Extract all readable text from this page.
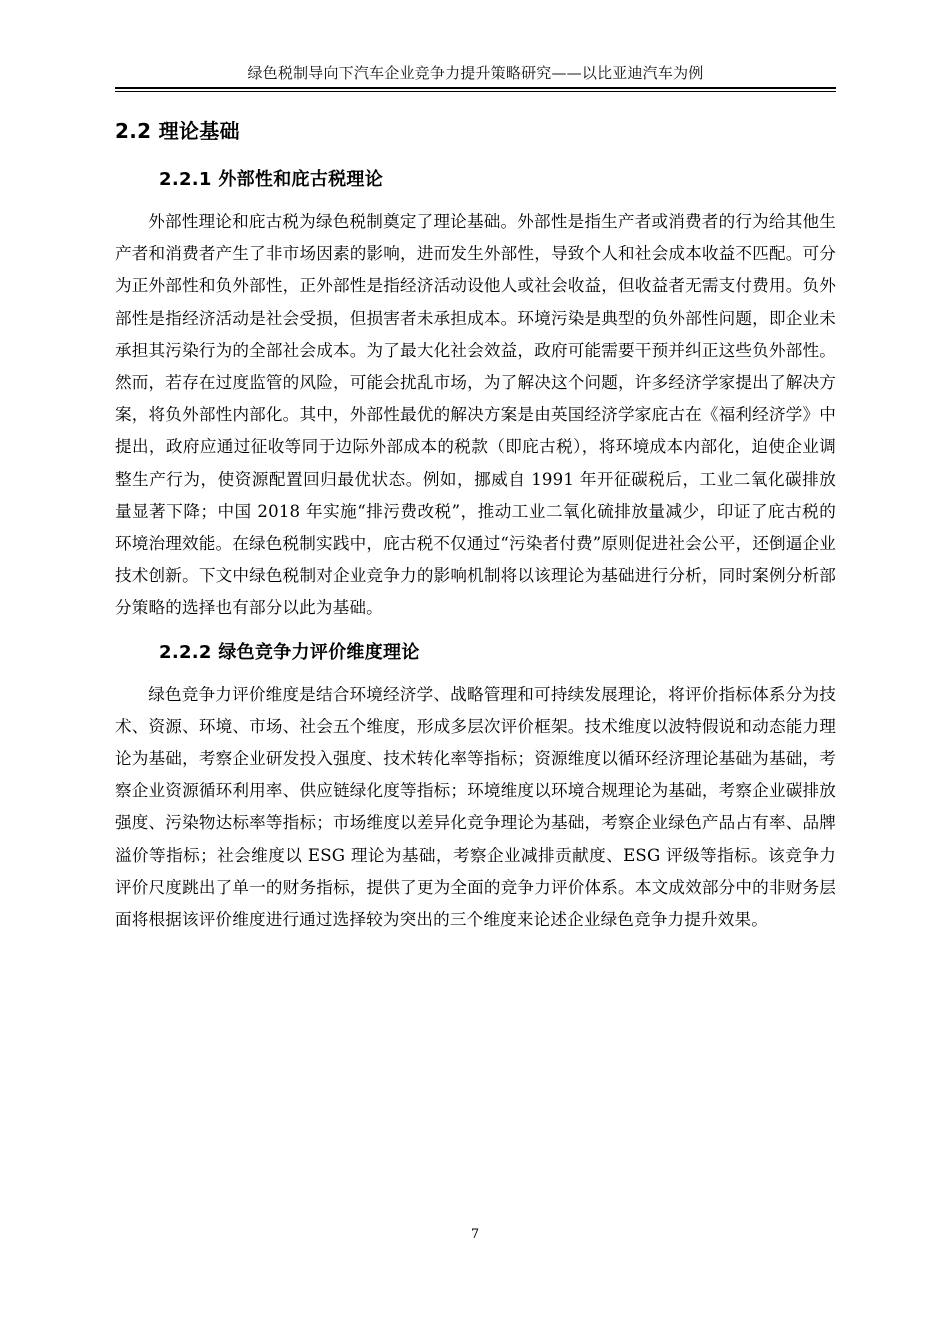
绿色税制导向下汽车企业竞争力提升策略研究——以比亚迪汽车为例
2.2 理论基础
2.2.1 外部性和庇古税理论

外部性理论和庇古税为绿色税制奠定了理论基础。外部性是指生产者或消费者的行为给其他生产者和消费者产生了非市场因素的影响，进而发生外部性，导致个人和社会成本收益不匹配。可分为正外部性和负外部性，正外部性是指经济活动设他人或社会收益，但收益者无需支付费用。负外部性是指经济活动是社会受损，但损害者未承担成本。环境污染是典型的负外部性问题，即企业未承担其污染行为的全部社会成本。为了最大化社会效益，政府可能需要干预并纠正这些负外部性。然而，若存在过度监管的风险，可能会扰乱市场，为了解决这个问题，许多经济学家提出了解决方案，将负外部性内部化。其中，外部性最优的解决方案是由英国经济学家庇古在《福利经济学》中提出，政府应通过征收等同于边际外部成本的税款（即庇古税），将环境成本内部化，迫使企业调整生产行为，使资源配置回归最优状态。例如，挪威自 1991 年开征碳税后，工业二氧化碳排放量显著下降；中国 2018 年实施“排污费改税”，推动工业二氧化硫排放量减少，印证了庇古税的环境治理效能。在绿色税制实践中，庇古税不仅通过“污染者付费”原则促进社会公平，还倒逼企业技术创新。下文中绿色税制对企业竞争力的影响机制将以该理论为基础进行分析，同时案例分析部分策略的选择也有部分以此为基础。

2.2.2 绿色竞争力评价维度理论

绿色竞争力评价维度是结合环境经济学、战略管理和可持续发展理论，将评价指标体系分为技术、资源、环境、市场、社会五个维度，形成多层次评价框架。技术维度以波特假说和动态能力理论为基础，考察企业研发投入强度、技术转化率等指标；资源维度以循环经济理论基础为基础，考察企业资源循环利用率、供应链绿化度等指标；环境维度以环境合规理论为基础，考察企业碳排放强度、污染物达标率等指标；市场维度以差异化竞争理论为基础，考察企业绿色产品占有率、品牌溢价等指标；社会维度以 ESG 理论为基础，考察企业减排贡献度、ESG 评级等指标。该竞争力评价尺度跳出了单一的财务指标，提供了更为全面的竞争力评价体系。本文成效部分中的非财务层面将根据该评价维度进行通过选择较为突出的三个维度来论述企业绿色竞争力提升效果。

7
